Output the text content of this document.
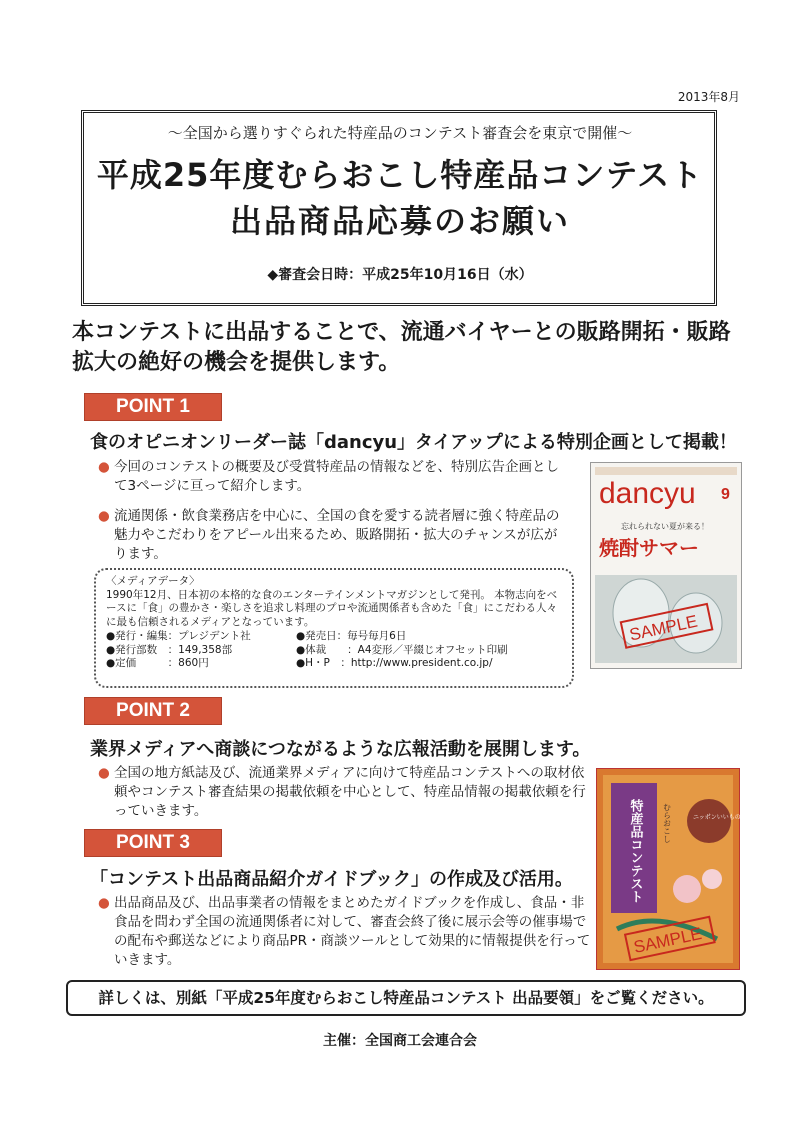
2013年8月
～全国から選りすぐられた特産品のコンテスト審査会を東京で開催～
平成25年度むらおこし特産品コンテスト
出品商品応募のお願い
◆審査会日時：平成25年10月16日（水）
本コンテストに出品することで、流通バイヤーとの販路開拓・販路拡大の絶好の機会を提供します。
POINT 1
食のオピニオンリーダー誌「dancyu」タイアップによる特別企画として掲載！
● 今回のコンテストの概要及び受賞特産品の情報などを、特別広告企画として3ページに亘って紹介します。
● 流通関係・飲食業務店を中心に、全国の食を愛する読者層に強く特産品の魅力やこだわりをアピール出来るため、販路開拓・拡大のチャンスが広がります。
〈メディアデータ〉
1990年12月、日本初の本格的な食のエンターテインメントマガジンとして発刊。 本物志向をベースに「食」の豊かさ・楽しさを追求し料理のプロや流通関係者も含めた「食」にこだわる人々に最も信頼されるメディアとなっています。
●発行・編集：プレジデント社	●発売日：毎号毎月6日
●発行部数　：149,358部	●体裁　　：A4変形／平綴じオフセット印刷
●定価　　　：860円	●H・P　：http://www.president.co.jp/
dancyu 9
忘れられない夏が来る！
焼酎サマー
SAMPLE
POINT 2
業界メディアへ商談につながるような広報活動を展開します。
● 全国の地方紙誌及び、流通業界メディアに向けて特産品コンテストへの取材依頼やコンテスト審査結果の掲載依頼を中心として、特産品情報の掲載依頼を行っていきます。
POINT 3
「コンテスト出品商品紹介ガイドブック」の作成及び活用。
● 出品商品及び、出品事業者の情報をまとめたガイドブックを作成し、食品・非食品を問わず全国の流通関係者に対して、審査会終了後に展示会等の催事場での配布や郵送などにより商品PR・商談ツールとして効果的に情報提供を行っていきます。
特産品コンテスト	むらおこし	ニッポンいいもの再発見！
SAMPLE
詳しくは、別紙「平成25年度むらおこし特産品コンテスト 出品要領」をご覧ください。
主催：全国商工会連合会
